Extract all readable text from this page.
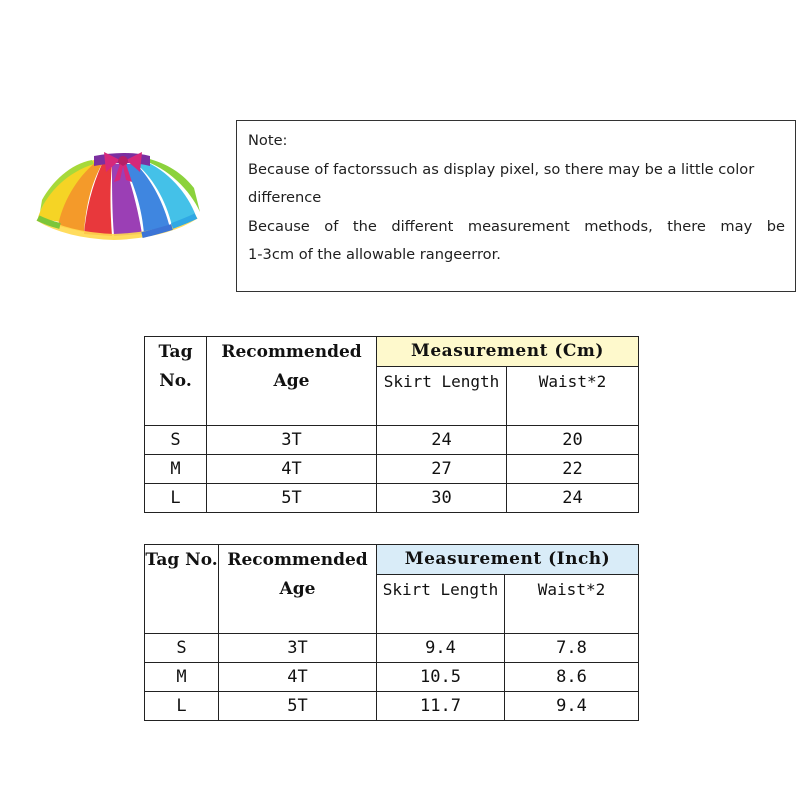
Note:

Because of factorssuch as display pixel, so there may be a little color difference

Because of the different measurement methods, there may be

1-3cm of the allowable rangeerror.

Tag No.	Recommended Age	Measurement (Cm)	
		Skirt Length	Waist*2
S	3T	24	20
M	4T	27	22
L	5T	30	24
Tag No.	Recommended Age	Measurement (Inch)	
		Skirt Length	Waist*2
S	3T	9.4	7.8
M	4T	10.5	8.6
L	5T	11.7	9.4
